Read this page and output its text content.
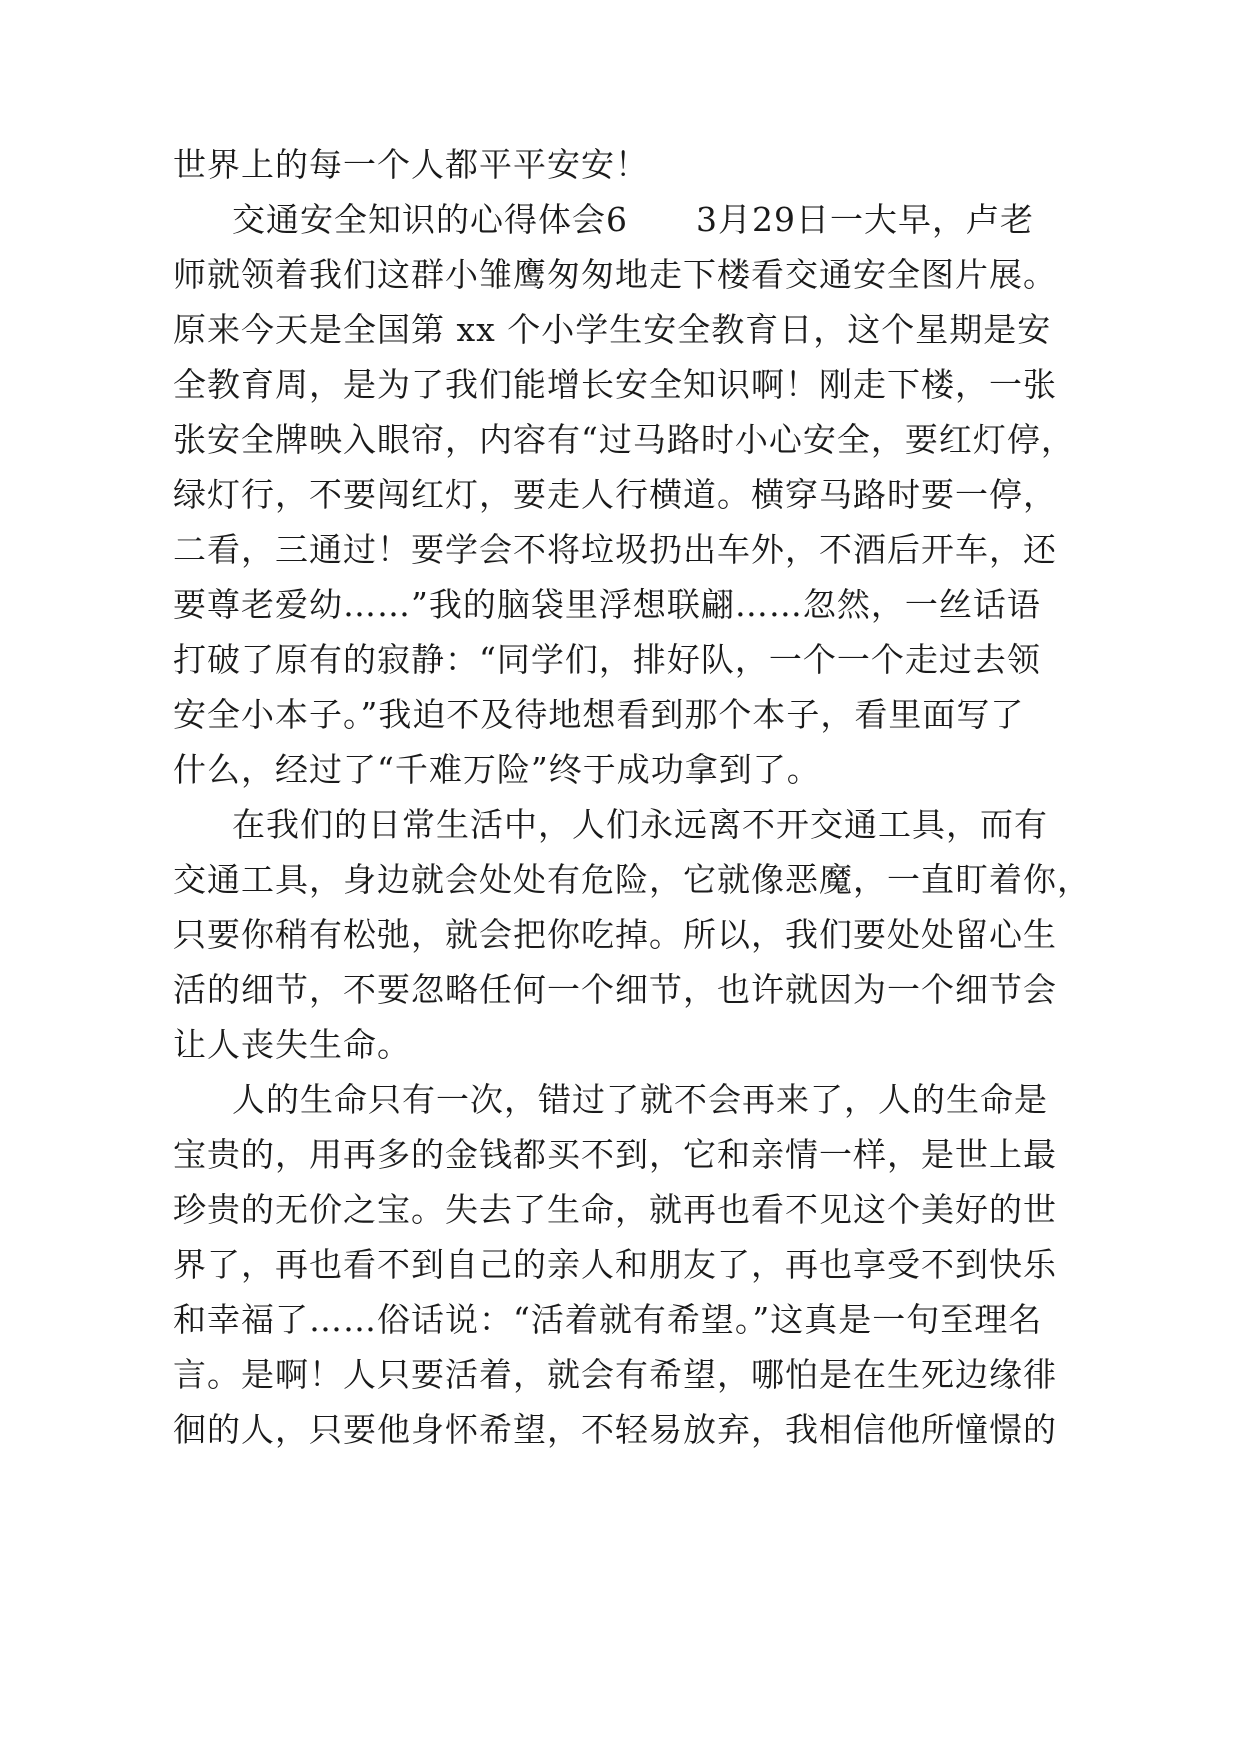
世界上的每一个人都平平安安！
交通安全知识的心得体会6　　3月29日一大早，卢老
师就领着我们这群小雏鹰匆匆地走下楼看交通安全图片展。
原来今天是全国第 xx 个小学生安全教育日，这个星期是安
全教育周，是为了我们能增长安全知识啊！刚走下楼，一张
张安全牌映入眼帘，内容有“过马路时小心安全，要红灯停，
绿灯行，不要闯红灯，要走人行横道。横穿马路时要一停，
二看，三通过！要学会不将垃圾扔出车外，不酒后开车，还
要尊老爱幼……”我的脑袋里浮想联翩……忽然，一丝话语
打破了原有的寂静：“同学们，排好队，一个一个走过去领
安全小本子。”我迫不及待地想看到那个本子，看里面写了
什么，经过了“千难万险”终于成功拿到了。
在我们的日常生活中，人们永远离不开交通工具，而有
交通工具，身边就会处处有危险，它就像恶魔，一直盯着你，
只要你稍有松弛，就会把你吃掉。所以，我们要处处留心生
活的细节，不要忽略任何一个细节，也许就因为一个细节会
让人丧失生命。
人的生命只有一次，错过了就不会再来了，人的生命是
宝贵的，用再多的金钱都买不到，它和亲情一样，是世上最
珍贵的无价之宝。失去了生命，就再也看不见这个美好的世
界了，再也看不到自己的亲人和朋友了，再也享受不到快乐
和幸福了……俗话说：“活着就有希望。”这真是一句至理名
言。是啊！人只要活着，就会有希望，哪怕是在生死边缘徘
徊的人，只要他身怀希望，不轻易放弃，我相信他所憧憬的
